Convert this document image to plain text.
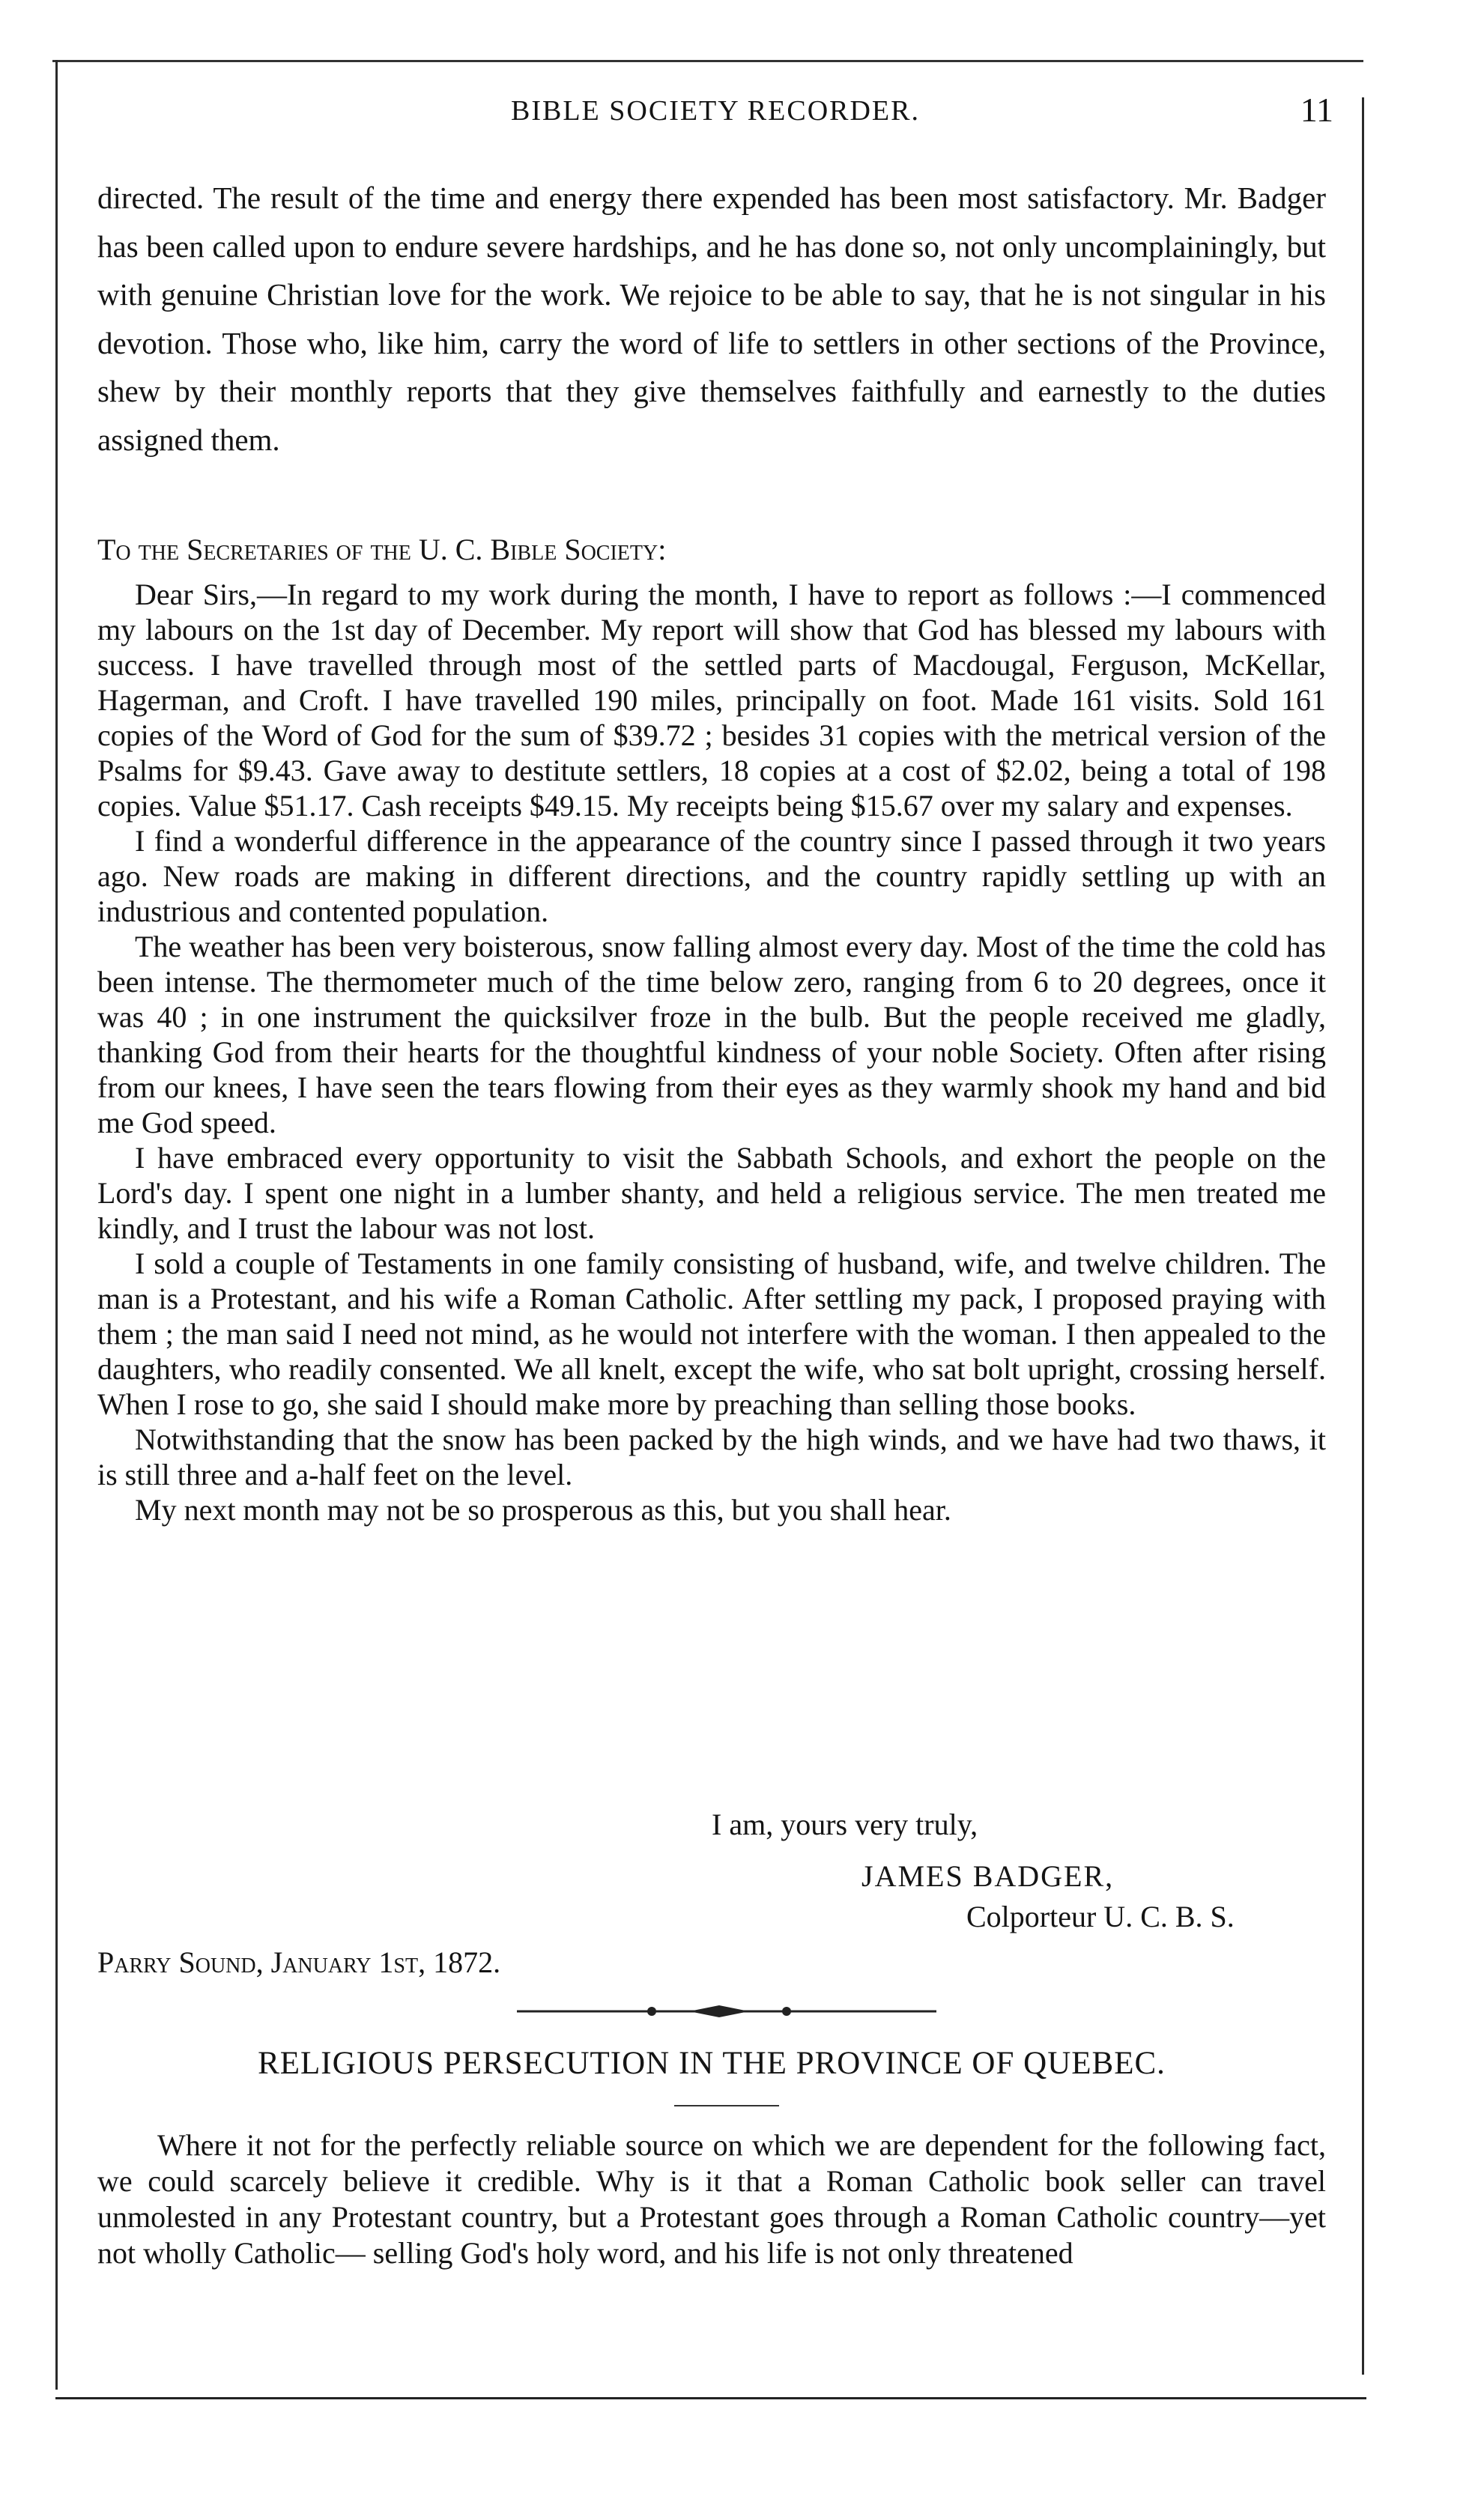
BIBLE SOCIETY RECORDER.	11

directed. The result of the time and energy there expended has been most satisfactory. Mr. Badger has been called upon to endure severe hardships, and he has done so, not only uncomplainingly, but with genuine Christian love for the work. We rejoice to be able to say, that he is not singular in his devotion. Those who, like him, carry the word of life to settlers in other sections of the Province, shew by their monthly reports that they give themselves faithfully and earnestly to the duties assigned them.

To the Secretaries of the U. C. Bible Society:

Dear Sirs,—In regard to my work during the month, I have to report as follows :—I commenced my labours on the 1st day of December. My report will show that God has blessed my labours with success. I have travelled through most of the settled parts of Macdougal, Ferguson, McKellar, Hagerman, and Croft. I have travelled 190 miles, principally on foot. Made 161 visits. Sold 161 copies of the Word of God for the sum of $39.72 ; besides 31 copies with the metrical version of the Psalms for $9.43. Gave away to destitute settlers, 18 copies at a cost of $2.02, being a total of 198 copies. Value $51.17. Cash receipts $49.15. My receipts being $15.67 over my salary and expenses.

I find a wonderful difference in the appearance of the country since I passed through it two years ago. New roads are making in different directions, and the country rapidly settling up with an industrious and contented population.

The weather has been very boisterous, snow falling almost every day. Most of the time the cold has been intense. The thermometer much of the time below zero, ranging from 6 to 20 degrees, once it was 40 ; in one instrument the quicksilver froze in the bulb. But the people received me gladly, thanking God from their hearts for the thoughtful kindness of your noble Society. Often after rising from our knees, I have seen the tears flowing from their eyes as they warmly shook my hand and bid me God speed.

I have embraced every opportunity to visit the Sabbath Schools, and exhort the people on the Lord's day. I spent one night in a lumber shanty, and held a religious service. The men treated me kindly, and I trust the labour was not lost.

I sold a couple of Testaments in one family consisting of husband, wife, and twelve children. The man is a Protestant, and his wife a Roman Catholic. After settling my pack, I proposed praying with them ; the man said I need not mind, as he would not interfere with the woman. I then appealed to the daughters, who readily consented. We all knelt, except the wife, who sat bolt upright, crossing herself. When I rose to go, she said I should make more by preaching than selling those books.

Notwithstanding that the snow has been packed by the high winds, and we have had two thaws, it is still three and a-half feet on the level.

My next month may not be so prosperous as this, but you shall hear.

I am, yours very truly,
JAMES BADGER,
Colporteur U. C. B. S.
Parry Sound, January 1st, 1872.
RELIGIOUS PERSECUTION IN THE PROVINCE OF QUEBEC.

Where it not for the perfectly reliable source on which we are dependent for the following fact, we could scarcely believe it credible. Why is it that a Roman Catholic book seller can travel unmolested in any Protestant country, but a Protestant goes through a Roman Catholic country—yet not wholly Catholic— selling God's holy word, and his life is not only threatened
